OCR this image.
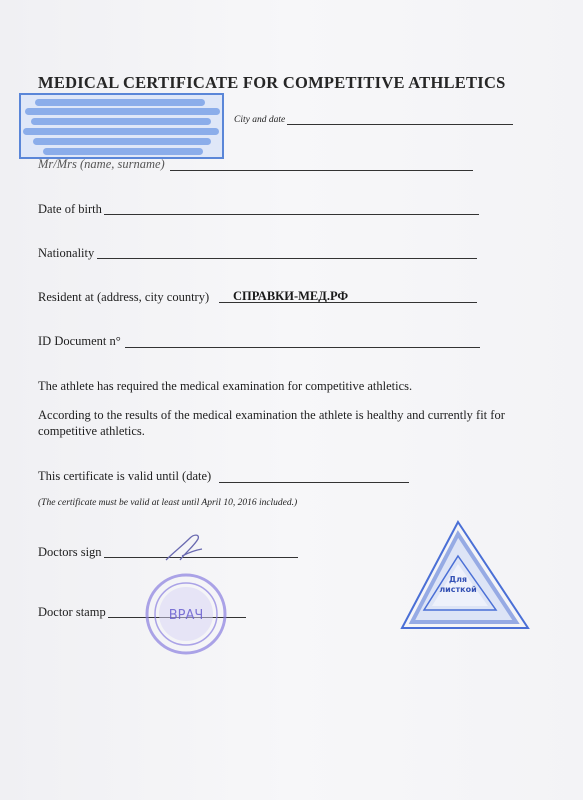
MEDICAL CERTIFICATE FOR COMPETITIVE ATHLETICS
City and date
Mr/Mrs (name, surname)
Date of birth
Nationality
Resident at (address, city country) СПРАВКИ-МЕД.РФ
ID Document n°
The athlete has required the medical examination for competitive athletics.
According to the results of the medical examination the athlete is healthy and currently fit for competitive athletics.
This certificate is valid until (date)
(The certificate must be valid at least until April 10, 2016 included.)
Doctors sign
Doctor stamp	ВРАЧ
Для
листкой
